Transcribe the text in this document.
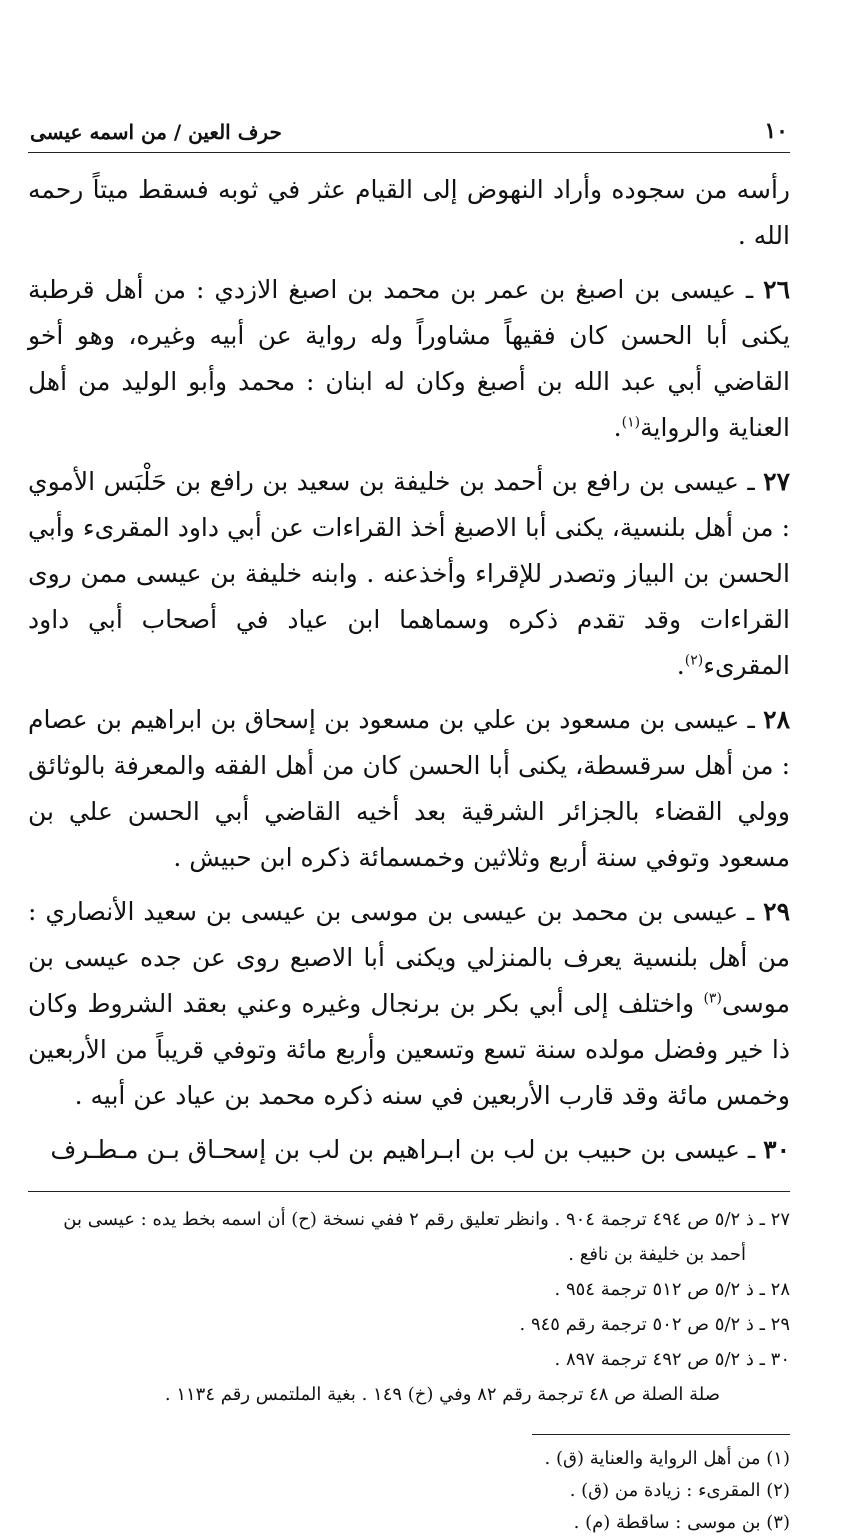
١٠
حرف العين / من اسمه عيسى

رأسه من سجوده وأراد النهوض إلى القيام عثر في ثوبه فسقط ميتاً رحمه الله .

٢٦ ـ عيسى بن اصبغ بن عمر بن محمد بن اصبغ الازدي : من أهل قرطبة يكنى أبا الحسن كان فقيهاً مشاوراً وله رواية عن أبيه وغيره، وهو أخو القاضي أبي عبد الله بن أصبغ وكان له ابنان : محمد وأبو الوليد من أهل العناية والرواية$^{(١)}$.

٢٧ ـ عيسى بن رافع بن أحمد بن خليفة بن سعيد بن رافع بن حَلْبَس الأموي : من أهل بلنسية، يكنى أبا الاصبغ أخذ القراءات عن أبي داود المقرىء وأبي الحسن بن البياز وتصدر للإقراء وأخذعنه . وابنه خليفة بن عيسى ممن روى القراءات وقد تقدم ذكره وسماهما ابن عياد في أصحاب أبي داود المقرىء$^{(٢)}$.

٢٨ ـ عيسى بن مسعود بن علي بن مسعود بن إسحاق بن ابراهيم بن عصام : من أهل سرقسطة، يكنى أبا الحسن كان من أهل الفقه والمعرفة بالوثائق وولي القضاء بالجزائر الشرقية بعد أخيه القاضي أبي الحسن علي بن مسعود وتوفي سنة أربع وثلاثين وخمسمائة ذكره ابن حبيش .

٢٩ ـ عيسى بن محمد بن عيسى بن موسى بن عيسى بن سعيد الأنصاري : من أهل بلنسية يعرف بالمنزلي ويكنى أبا الاصبع روى عن جده عيسى بن موسى$^{(٣)}$ واختلف إلى أبي بكر بن برنجال وغيره وعني بعقد الشروط وكان ذا خير وفضل مولده سنة تسع وتسعين وأربع مائة وتوفي قريباً من الأربعين وخمس مائة وقد قارب الأربعين في سنه ذكره محمد بن عياد عن أبيه .

٣٠ ـ عيسى بن حبيب بن لب بن ابـراهيم بن لب بن إسحـاق بـن مـطـرف

٢٧ ـ ذ ٥/٢ ص ٤٩٤ ترجمة ٩٠٤ . وانظر تعليق رقم ٢ ففي نسخة (ح) أن اسمه بخط يده : عيسى بن
أحمد بن خليفة بن نافع .
٢٨ ـ ذ ٥/٢ ص ٥١٢ ترجمة ٩٥٤ .
٢٩ ـ ذ ٥/٢ ص ٥٠٢ ترجمة رقم ٩٤٥ .
٣٠ ـ ذ ٥/٢ ص ٤٩٢ ترجمة ٨٩٧ .
صلة الصلة ص ٤٨ ترجمة رقم ٨٢ وفي (خ) ١٤٩ . بغية الملتمس رقم ١١٣٤ .
(١) من أهل الرواية والعناية (ق) .
(٢) المقرىء : زيادة من (ق) .
(٣) بن موسى : ساقطة (م) .
